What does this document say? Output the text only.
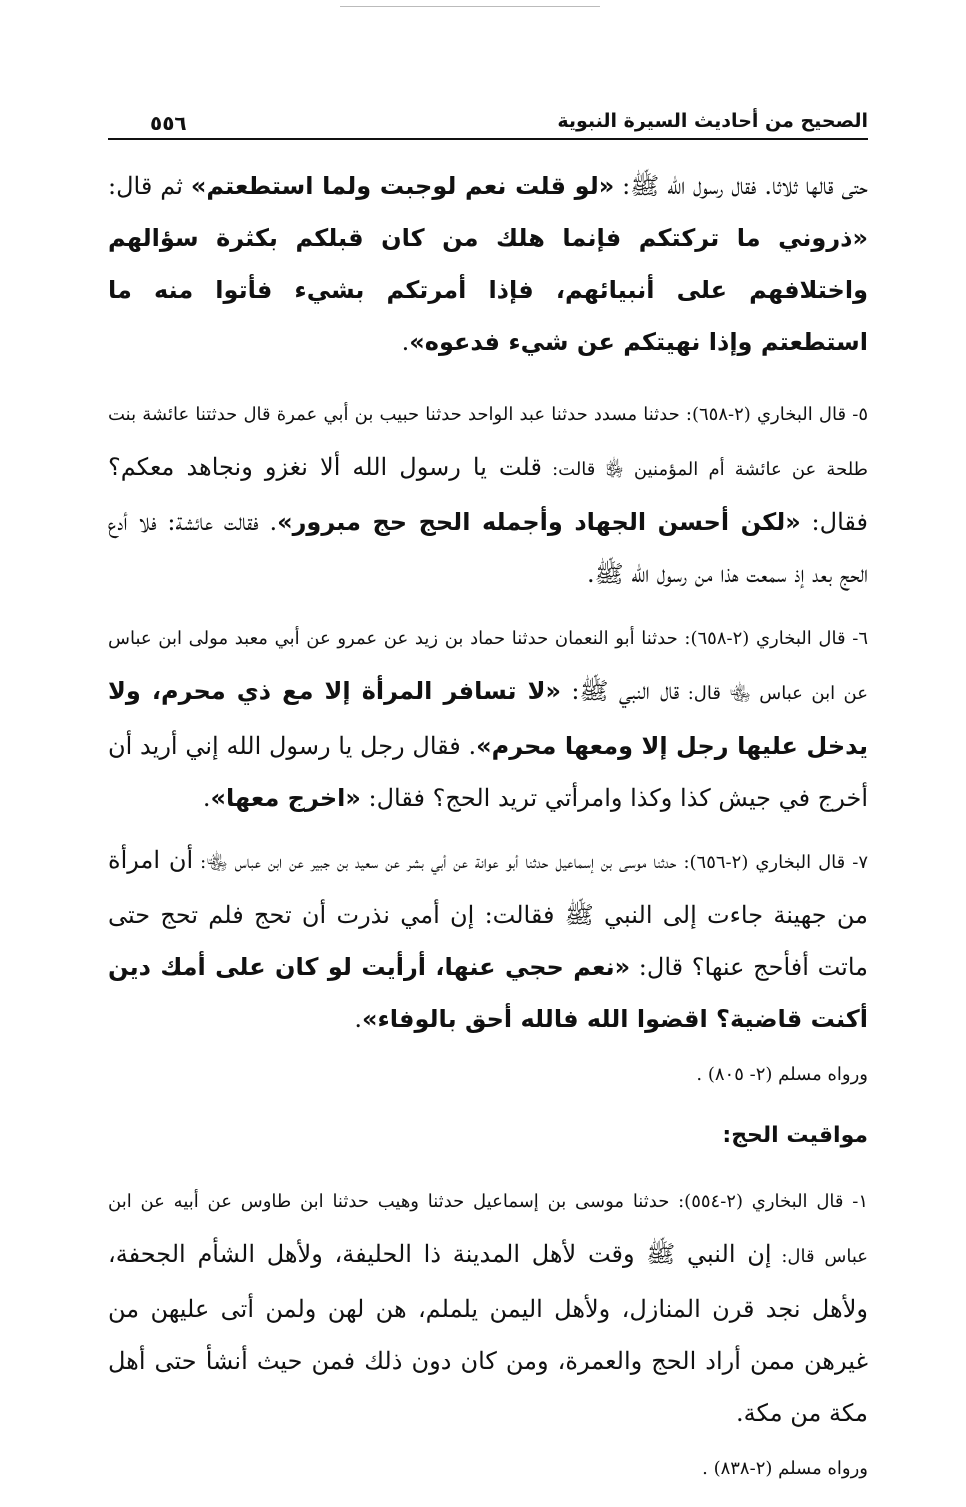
الصحيح من أحاديث السيرة النبوية
٥٥٦

حتى قالها ثلاثا. فقال رسول الله ﷺ: «لو قلت نعم لوجبت ولما استطعتم» ثم قال: «ذروني ما تركتكم فإنما هلك من كان قبلكم بكثرة سؤالهم واختلافهم على أنبيائهم، فإذا أمرتكم بشيء فأتوا منه ما استطعتم وإذا نهيتكم عن شيء فدعوه».

٥- قال البخاري (٢-٦٥٨): حدثنا مسدد حدثنا عبد الواحد حدثنا حبيب بن أبي عمرة قال حدثتنا عائشة بنت طلحة عن عائشة أم المؤمنين ﵂ قالت: قلت يا رسول الله ألا نغزو ونجاهد معكم؟ فقال: «لكن أحسن الجهاد وأجمله الحج حج مبرور». فقالت عائشة: فلا أدع الحج بعد إذ سمعت هذا من رسول الله ﷺ.

٦- قال البخاري (٢-٦٥٨): حدثنا أبو النعمان حدثنا حماد بن زيد عن عمرو عن أبي معبد مولى ابن عباس عن ابن عباس ﵄ قال: قال النبي ﷺ: «لا تسافر المرأة إلا مع ذي محرم، ولا يدخل عليها رجل إلا ومعها محرم». فقال رجل يا رسول الله إني أريد أن أخرج في جيش كذا وكذا وامرأتي تريد الحج؟ فقال: «اخرج معها».

٧- قال البخاري (٢-٦٥٦): حدثنا موسى بن إسماعيل حدثنا أبو عوانة عن أبي بشر عن سعيد بن جبير عن ابن عباس ﵄: أن امرأة من جهينة جاءت إلى النبي ﷺ فقالت: إن أمي نذرت أن تحج فلم تحج حتى ماتت أفأحج عنها؟ قال: «نعم حجي عنها، أرأيت لو كان على أمك دين أكنت قاضية؟ اقضوا الله فالله أحق بالوفاء».

ورواه مسلم (٢- ٨٠٥) .

مواقيت الحج:

١- قال البخاري (٢-٥٥٤): حدثنا موسى بن إسماعيل حدثنا وهيب حدثنا ابن طاوس عن أبيه عن ابن عباس قال: إن النبي ﷺ وقت لأهل المدينة ذا الحليفة، ولأهل الشأم الجحفة، ولأهل نجد قرن المنازل، ولأهل اليمن يلملم، هن لهن ولمن أتى عليهن من غيرهن ممن أراد الحج والعمرة، ومن كان دون ذلك فمن حيث أنشأ حتى أهل مكة من مكة.

ورواه مسلم (٢-٨٣٨) .
